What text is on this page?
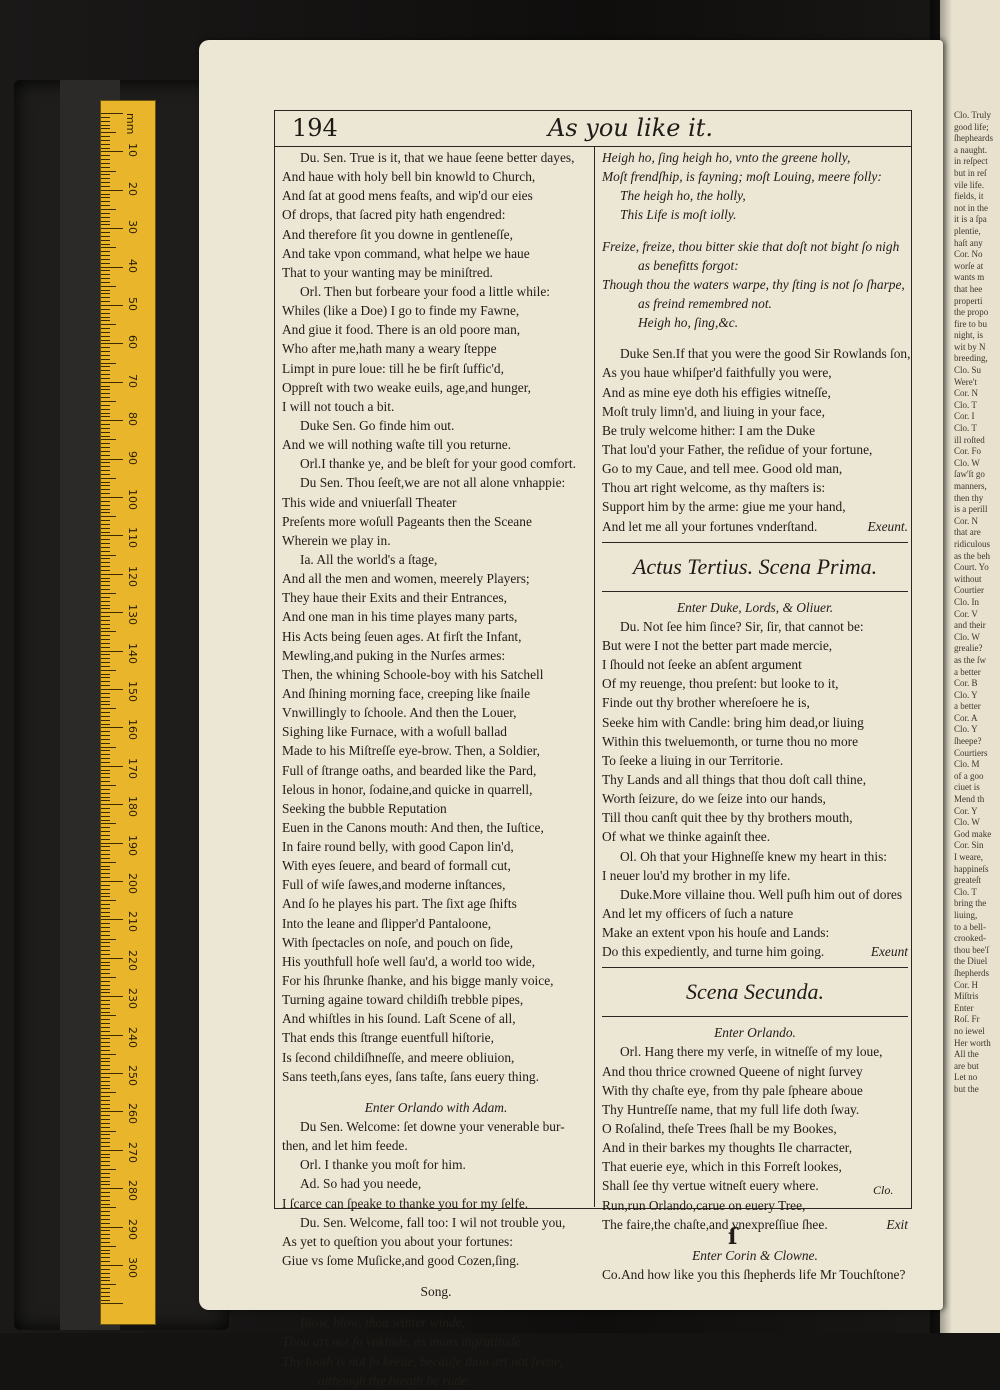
mm
10
20
30
40
50
60
70
80
90
100
110
120
130
140
150
160
170
180
190
200
210
220
230
240
250
260
270
280
290
300
Clo. Truly
good life;
ſhepheards
a naught.
in reſpect
but in reſ
vile life.
fields, it
not in the
it is a ſpa
plentie,
haſt any
Cor. No
worſe at
wants m
that hee
properti
the propo
fire to bu
night, is
wit by N
breeding,
Clo. Su
Were't
Cor. N
Clo. T
Cor. I
Clo. T
ill roſted
Cor. Fo
Clo. W
ſaw'ſt go
manners,
then thy
is a perill
Cor. N
that are
ridiculous
as the beh
Court. Yo
without
Courtier
Clo. In
Cor. V
and their
Clo. W
grealie?
as the ſw
a better
Cor. B
Clo. Y
a better
Cor. A
Clo. Y
ſheepe?
Courtiers
Clo. M
of a goo
ciuet is
Mend th
Cor. Y
Clo. W
God make
Cor. Sin
I weare,
happineſs
greateſt
Clo. T
bring the
liuing,
to a bell-
crooked-
thou bee'ſ
the Diuel
ſhepherds
Cor. H
Miſtris
Enter
Roſ. Fr
no iewel
Her worth
All the
are but
Let no
but the
194	As you like it.
Du. Sen. True is it, that we haue ſeene better dayes,
And haue with holy bell bin knowld to Church,
And ſat at good mens feaſts, and wip'd our eies
Of drops, that ſacred pity hath engendred:
And therefore ſit you downe in gentleneſſe,
And take vpon command, what helpe we haue
That to your wanting may be miniſtred.
Orl. Then but forbeare your food a little while:
Whiles (like a Doe) I go to finde my Fawne,
And giue it food. There is an old poore man,
Who after me,hath many a weary ſteppe
Limpt in pure loue: till he be firſt ſuffic'd,
Oppreſt with two weake euils, age,and hunger,
I will not touch a bit.
Duke Sen. Go finde him out.
And we will nothing waſte till you returne.
Orl.I thanke ye, and be bleſt for your good comfort.
Du Sen. Thou ſeeſt,we are not all alone vnhappie:
This wide and vniuerſall Theater
Preſents more woſull Pageants then the Sceane
Wherein we play in.
Ia. All the world's a ſtage,
And all the men and women, meerely Players;
They haue their Exits and their Entrances,
And one man in his time playes many parts,
His Acts being ſeuen ages. At firſt the Infant,
Mewling,and puking in the Nurſes armes:
Then, the whining Schoole-boy with his Satchell
And ſhining morning face, creeping like ſnaile
Vnwillingly to ſchoole. And then the Louer,
Sighing like Furnace, with a woſull ballad
Made to his Miſtreſſe eye-brow. Then, a Soldier,
Full of ſtrange oaths, and bearded like the Pard,
Ielous in honor, ſodaine,and quicke in quarrell,
Seeking the bubble Reputation
Euen in the Canons mouth: And then, the Iuſtice,
In faire round belly, with good Capon lin'd,
With eyes ſeuere, and beard of formall cut,
Full of wiſe ſawes,and moderne inſtances,
And ſo he playes his part. The ſixt age ſhifts
Into the leane and ſlipper'd Pantaloone,
With ſpectacles on noſe, and pouch on ſide,
His youthfull hoſe well ſau'd, a world too wide,
For his ſhrunke ſhanke, and his bigge manly voice,
Turning againe toward childiſh trebble pipes,
And whiſtles in his ſound. Laſt Scene of all,
That ends this ſtrange euentfull hiſtorie,
Is ſecond childiſhneſſe, and meere obliuion,
Sans teeth,ſans eyes, ſans taſte, ſans euery thing.
Enter Orlando with Adam.
Du Sen. Welcome: ſet downe your venerable bur-
then, and let him feede.
Orl. I thanke you moſt for him.
Ad. So had you neede,
I ſcarce can ſpeake to thanke you for my ſelfe.
Du. Sen. Welcome, fall too: I wil not trouble you,
As yet to queſtion you about your fortunes:
Giue vs ſome Muſicke,and good Cozen,ſing.
Song.
Blow, blow, thou winter winde,
Thou art not ſo vnkinde, as mans ingratitude
Thy tooth is not ſo keene, becauſe thou art not ſeene,
although thy breath be rude.
Heigh ho, ſing heigh ho, vnto the greene holly,
Moſt frendſhip, is fayning; moſt Louing, meere folly:
The heigh ho, the holly,
This Life is moſt iolly.
Freize, freize, thou bitter skie that doſt not bight ſo nigh
as benefitts forgot:
Though thou the waters warpe, thy ſting is not ſo ſharpe,
as freind remembred not.
Heigh ho, ſing,&c.
Duke Sen.If that you were the good Sir Rowlands ſon,
As you haue whiſper'd faithfully you were,
And as mine eye doth his effigies witneſſe,
Moſt truly limn'd, and liuing in your face,
Be truly welcome hither: I am the Duke
That lou'd your Father, the reſidue of your fortune,
Go to my Caue, and tell mee. Good old man,
Thou art right welcome, as thy maſters is:
Support him by the arme: giue me your hand,
And let me all your fortunes vnderſtand.	Exeunt.
Actus Tertius. Scena Prima.
Enter Duke, Lords, & Oliuer.
Du. Not ſee him ſince? Sir, ſir, that cannot be:
But were I not the better part made mercie,
I ſhould not ſeeke an abſent argument
Of my reuenge, thou preſent: but looke to it,
Finde out thy brother whereſoere he is,
Seeke him with Candle: bring him dead,or liuing
Within this tweluemonth, or turne thou no more
To ſeeke a liuing in our Territorie.
Thy Lands and all things that thou doſt call thine,
Worth ſeizure, do we ſeize into our hands,
Till thou canſt quit thee by thy brothers mouth,
Of what we thinke againſt thee.
Ol. Oh that your Highneſſe knew my heart in this:
I neuer lou'd my brother in my life.
Duke.More villaine thou. Well puſh him out of dores
And let my officers of ſuch a nature
Make an extent vpon his houſe and Lands:
Do this expediently, and turne him going.	Exeunt
Scena Secunda.
Enter Orlando.
Orl. Hang there my verſe, in witneſſe of my loue,
And thou thrice crowned Queene of night ſurvey
With thy chaſte eye, from thy pale ſpheare aboue
Thy Huntreſſe name, that my full life doth ſway.
O Roſalind, theſe Trees ſhall be my Bookes,
And in their barkes my thoughts Ile charracter,
That euerie eye, which in this Forreſt lookes,
Shall ſee thy vertue witneſt euery where.
Run,run Orlando,carue on euery Tree,
The faire,the chaſte,and vnexpreſſiue ſhee.	Exit
Enter Corin & Clowne.
Co.And how like you this ſhepherds life Mr Touchſtone?
Clo.
ſ
